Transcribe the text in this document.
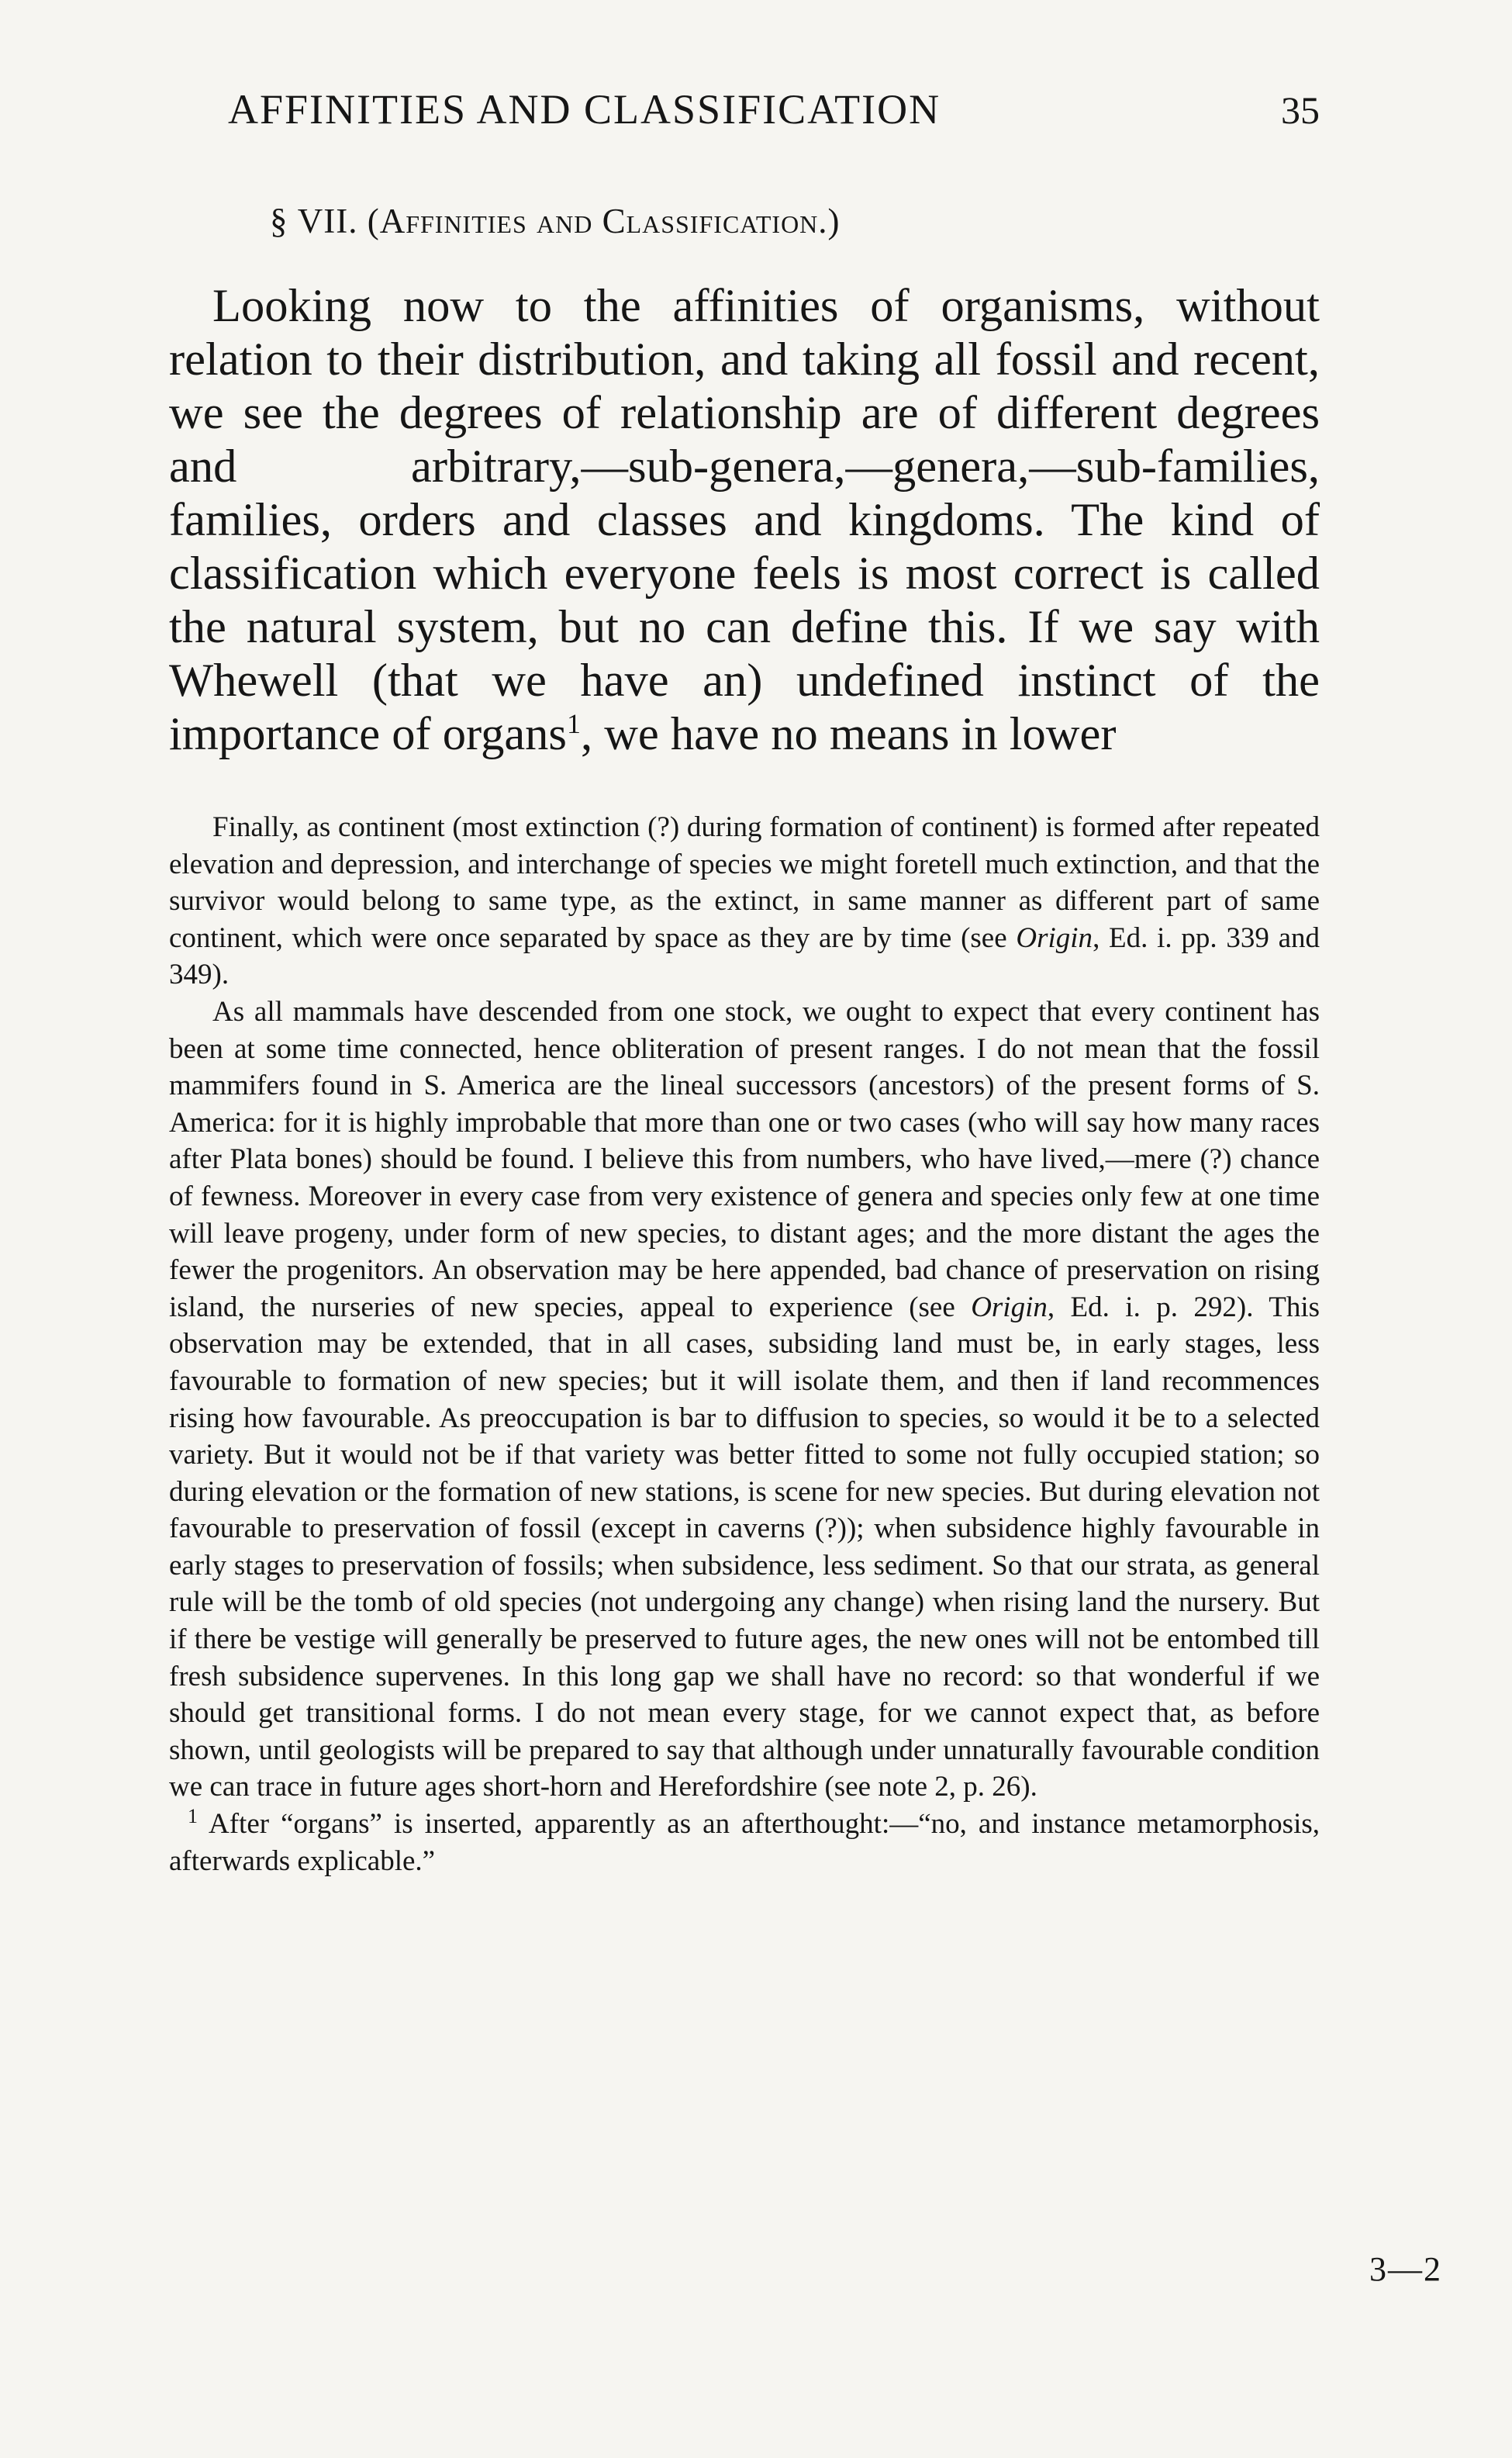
AFFINITIES AND CLASSIFICATION	35
§ VII. (Affinities and Classification.)
Looking now to the affinities of organisms, without relation to their distribution, and taking all fossil and recent, we see the degrees of relationship are of different degrees and arbitrary,—sub-genera,—genera,—sub-families, families, orders and classes and kingdoms. The kind of classification which everyone feels is most correct is called the natural system, but no can define this. If we say with Whewell (that we have an) undefined instinct of the importance of organs$^1$, we have no means in lower

Finally, as continent (most extinction (?) during formation of continent) is formed after repeated elevation and depression, and interchange of species we might foretell much extinction, and that the survivor would belong to same type, as the extinct, in same manner as different part of same continent, which were once separated by space as they are by time (see Origin, Ed. i. pp. 339 and 349).

As all mammals have descended from one stock, we ought to expect that every continent has been at some time connected, hence obliteration of present ranges. I do not mean that the fossil mammifers found in S. America are the lineal successors (ancestors) of the present forms of S. America: for it is highly improbable that more than one or two cases (who will say how many races after Plata bones) should be found. I believe this from numbers, who have lived,—mere (?) chance of fewness. Moreover in every case from very existence of genera and species only few at one time will leave progeny, under form of new species, to distant ages; and the more distant the ages the fewer the progenitors. An observation may be here appended, bad chance of preservation on rising island, the nurseries of new species, appeal to experience (see Origin, Ed. i. p. 292). This observation may be extended, that in all cases, subsiding land must be, in early stages, less favourable to formation of new species; but it will isolate them, and then if land recommences rising how favourable. As preoccupation is bar to diffusion to species, so would it be to a selected variety. But it would not be if that variety was better fitted to some not fully occupied station; so during elevation or the formation of new stations, is scene for new species. But during elevation not favourable to preservation of fossil (except in caverns (?)); when subsidence highly favourable in early stages to preservation of fossils; when subsidence, less sediment. So that our strata, as general rule will be the tomb of old species (not undergoing any change) when rising land the nursery. But if there be vestige will generally be preserved to future ages, the new ones will not be entombed till fresh subsidence supervenes. In this long gap we shall have no record: so that wonderful if we should get transitional forms. I do not mean every stage, for we cannot expect that, as before shown, until geologists will be prepared to say that although under unnaturally favourable condition we can trace in future ages short-horn and Herefordshire (see note 2, p. 26).

$^1$ After “organs” is inserted, apparently as an afterthought:—“no, and instance metamorphosis, afterwards explicable.”
3—2
